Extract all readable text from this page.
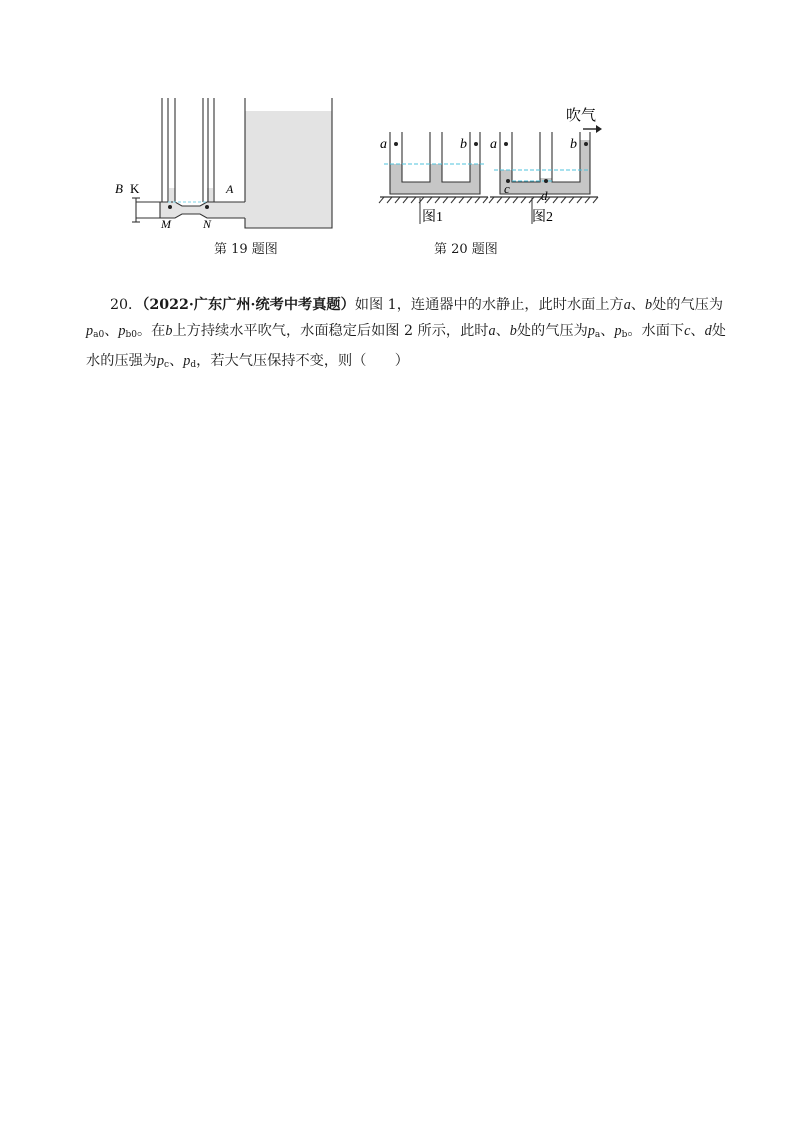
B K
M	N
A
第 19 题图
a	b
图1
a	b
c d
吹气
图2
第 20 题图
20．（2022·广东广州·统考中考真题）如图 1，连通器中的水静止，此时水面上方a、b处的气压为$p_{a0}$、$p_{b0}$。在b上方持续水平吹气，水面稳定后如图 2 所示，此时a、b处的气压为$p_a$、$p_b$。水面下c、d处水的压强为$p_c$、$p_d$，若大气压保持不变，则（　　）
